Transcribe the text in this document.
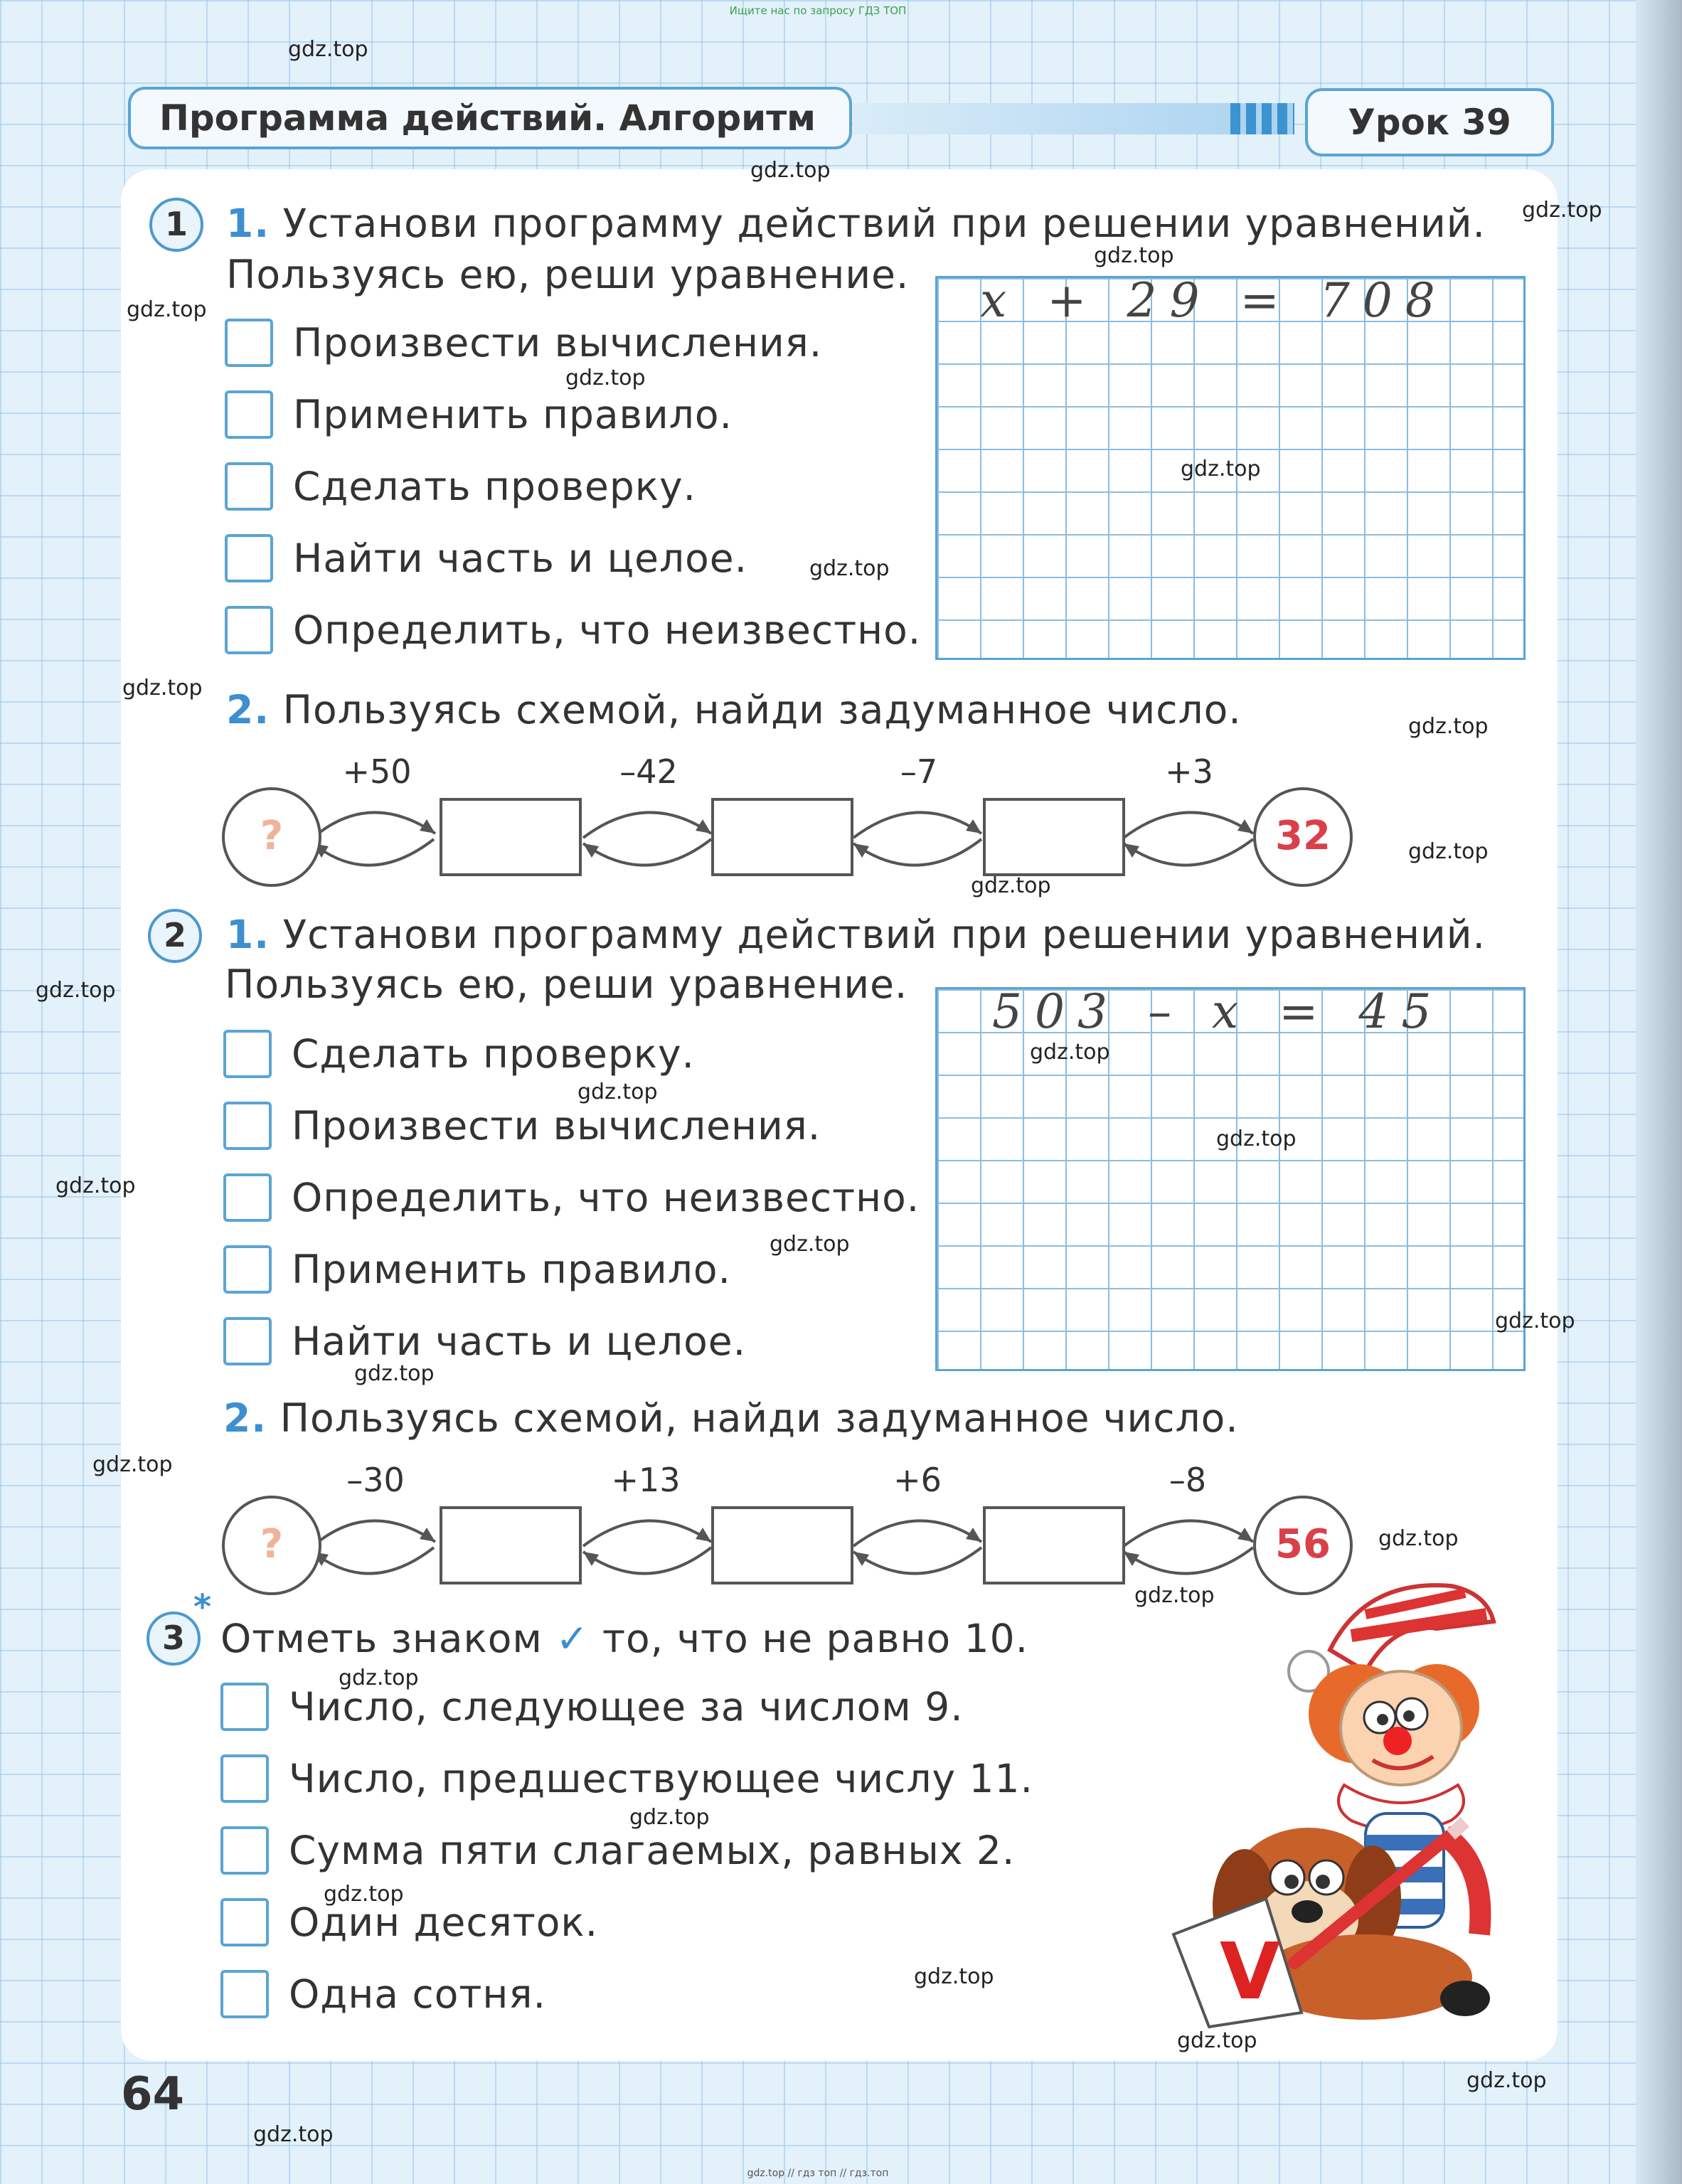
Ищите нас по запросу ГДЗ ТОП
Программа действий. Алгоритм	Урок 39
1 1. Установи программу действий при решении уравнений.
Пользуясь ею, реши уравнение.
Произвести вычисления.
Применить правило.
Сделать проверку.
Найти часть и целое.
Определить, что неизвестно.
x + 29 = 708
2. Пользуясь схемой, найди задуманное число.
?
+50	–42	–7	+3
32
2	1. Установи программу действий при решении уравнений.
Пользуясь ею, реши уравнение.
Сделать проверку.
Произвести вычисления.
Определить, что неизвестно.
Применить правило.
Найти часть и целое.
503 – x = 45
2. Пользуясь схемой, найди задуманное число.
?
–30	+13	+6	–8
56
*
3 Отметь знаком ✓ то, что не равно 10.
Число, следующее за числом 9.
Число, предшествующее числу 11.
Сумма пяти слагаемых, равных 2.
Один десяток.
Одна сотня.	V
64
gdz.top
gdz.top
gdz.top
gdz.top
gdz.top
gdz.top
gdz.top
gdz.top
gdz.top
gdz.top
gdz.top
gdz.top
gdz.top
gdz.top
gdz.top
gdz.top
gdz.top
gdz.top
gdz.top
gdz.top
gdz.top
gdz.top
gdz.top
gdz.top
gdz.top
gdz.top
gdz.top
gdz.top
gdz.top
gdz.top
gdz.top // гдз топ // гдз.топ
